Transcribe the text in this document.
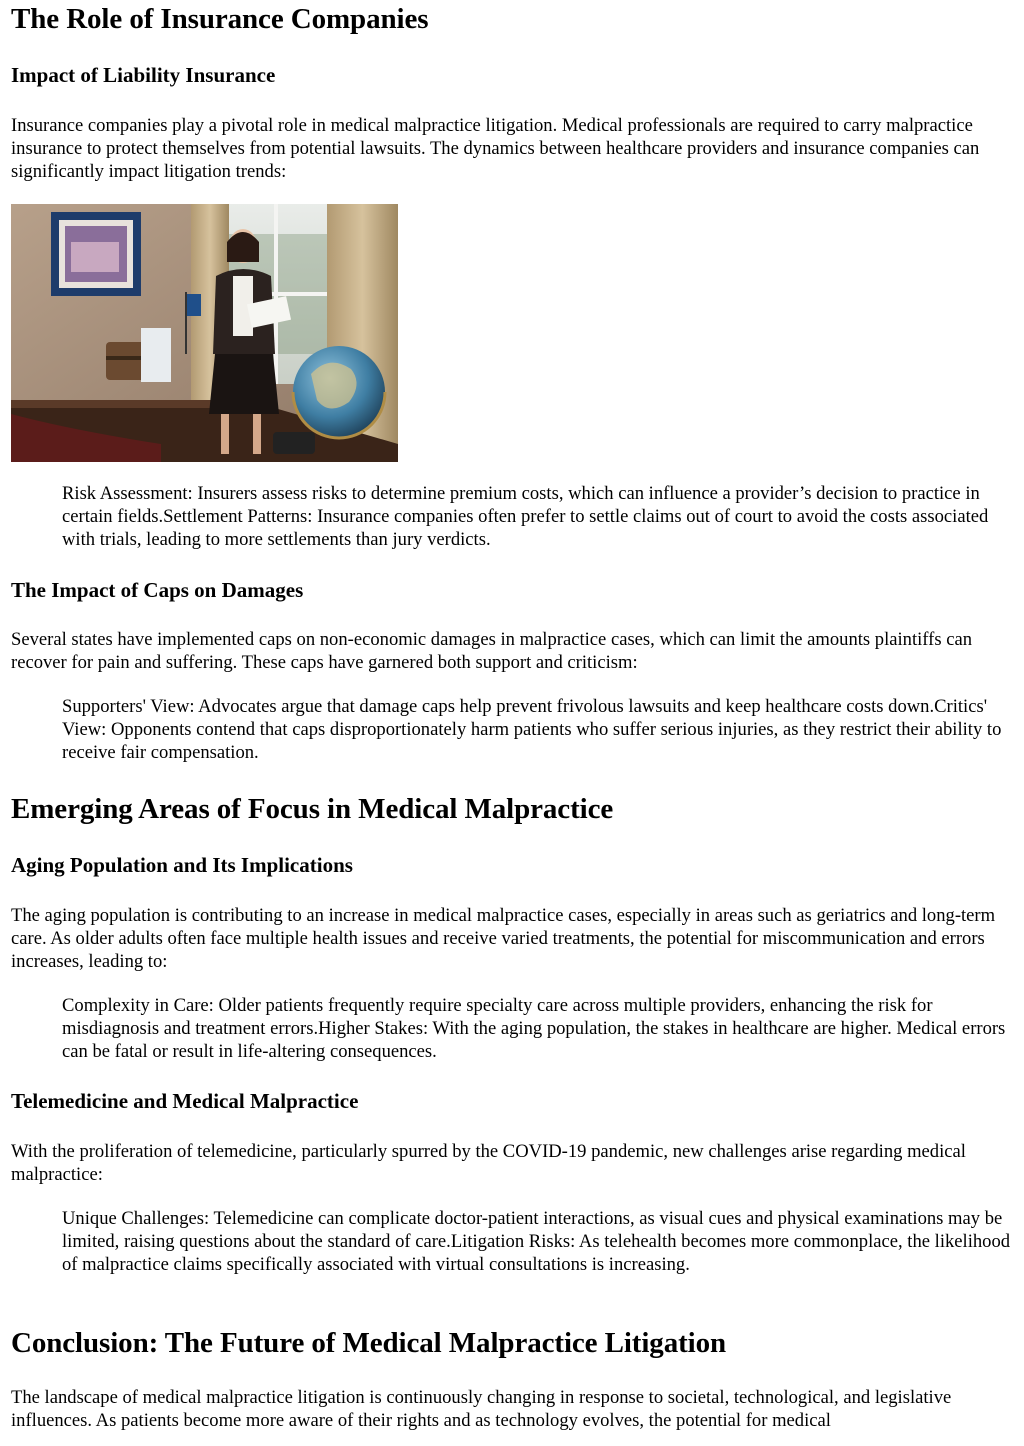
The Role of Insurance Companies
Impact of Liability Insurance

Insurance companies play a pivotal role in medical malpractice litigation. Medical professionals are required to carry malpractice insurance to protect themselves from potential lawsuits. The dynamics between healthcare providers and insurance companies can significantly impact litigation trends:

Risk Assessment: Insurers assess risks to determine premium costs, which can influence a provider’s decision to practice in certain fields.Settlement Patterns: Insurance companies often prefer to settle claims out of court to avoid the costs associated with trials, leading to more settlements than jury verdicts.
The Impact of Caps on Damages

Several states have implemented caps on non-economic damages in malpractice cases, which can limit the amounts plaintiffs can recover for pain and suffering. These caps have garnered both support and criticism:

Supporters' View: Advocates argue that damage caps help prevent frivolous lawsuits and keep healthcare costs down.Critics' View: Opponents contend that caps disproportionately harm patients who suffer serious injuries, as they restrict their ability to receive fair compensation.
Emerging Areas of Focus in Medical Malpractice
Aging Population and Its Implications

The aging population is contributing to an increase in medical malpractice cases, especially in areas such as geriatrics and long-term care. As older adults often face multiple health issues and receive varied treatments, the potential for miscommunication and errors increases, leading to:

Complexity in Care: Older patients frequently require specialty care across multiple providers, enhancing the risk for misdiagnosis and treatment errors.Higher Stakes: With the aging population, the stakes in healthcare are higher. Medical errors can be fatal or result in life-altering consequences.
Telemedicine and Medical Malpractice

With the proliferation of telemedicine, particularly spurred by the COVID-19 pandemic, new challenges arise regarding medical malpractice:

Unique Challenges: Telemedicine can complicate doctor-patient interactions, as visual cues and physical examinations may be limited, raising questions about the standard of care.Litigation Risks: As telehealth becomes more commonplace, the likelihood of malpractice claims specifically associated with virtual consultations is increasing.
Conclusion: The Future of Medical Malpractice Litigation

The landscape of medical malpractice litigation is continuously changing in response to societal, technological, and legislative influences. As patients become more aware of their rights and as technology evolves, the potential for medical
